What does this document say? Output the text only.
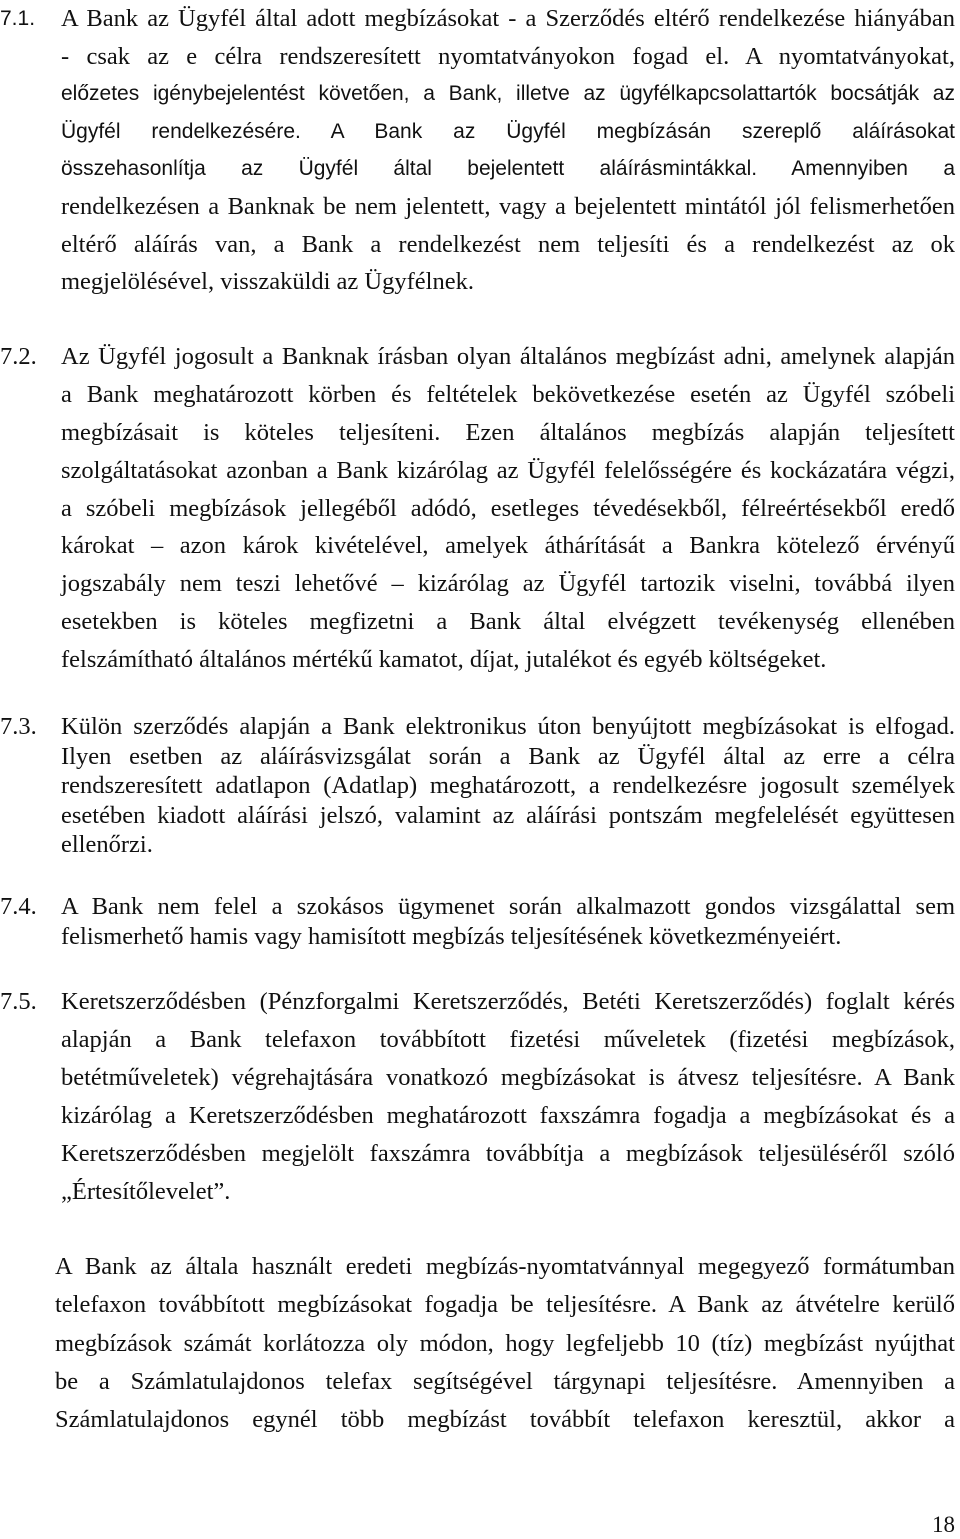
7.1. A Bank az Ügyfél által adott megbízásokat - a Szerződés eltérő rendelkezése hiányában
- csak az e célra rendszeresített nyomtatványokon fogad el. A nyomtatványokat,
előzetes igénybejelentést követően, a Bank, illetve az ügyfélkapcsolattartók bocsátják az
Ügyfél rendelkezésére. A Bank az Ügyfél megbízásán szereplő aláírásokat
összehasonlítja az Ügyfél által bejelentett aláírásmintákkal. Amennyiben a
rendelkezésen a Banknak be nem jelentett, vagy a bejelentett mintától jól felismerhetően
eltérő aláírás van, a Bank a rendelkezést nem teljesíti és a rendelkezést az ok
megjelölésével, visszaküldi az Ügyfélnek.
7.2. Az Ügyfél jogosult a Banknak írásban olyan általános megbízást adni, amelynek alapján
a Bank meghatározott körben és feltételek bekövetkezése esetén az Ügyfél szóbeli
megbízásait is köteles teljesíteni. Ezen általános megbízás alapján teljesített
szolgáltatásokat azonban a Bank kizárólag az Ügyfél felelősségére és kockázatára végzi,
a szóbeli megbízások jellegéből adódó, esetleges tévedésekből, félreértésekből eredő
károkat – azon károk kivételével, amelyek áthárítását a Bankra kötelező érvényű
jogszabály nem teszi lehetővé – kizárólag az Ügyfél tartozik viselni, továbbá ilyen
esetekben is köteles megfizetni a Bank által elvégzett tevékenység ellenében
felszámítható általános mértékű kamatot, díjat, jutalékot és egyéb költségeket.
7.3. Külön szerződés alapján a Bank elektronikus úton benyújtott megbízásokat is elfogad.
Ilyen esetben az aláírásvizsgálat során a Bank az Ügyfél által az erre a célra
rendszeresített adatlapon (Adatlap) meghatározott, a rendelkezésre jogosult személyek
esetében kiadott aláírási jelszó, valamint az aláírási pontszám megfelelését együttesen
ellenőrzi.
7.4. A Bank nem felel a szokásos ügymenet során alkalmazott gondos vizsgálattal sem
felismerhető hamis vagy hamisított megbízás teljesítésének következményeiért.
7.5. Keretszerződésben (Pénzforgalmi Keretszerződés, Betéti Keretszerződés) foglalt kérés
alapján a Bank telefaxon továbbított fizetési műveletek (fizetési megbízások,
betétműveletek) végrehajtására vonatkozó megbízásokat is átvesz teljesítésre. A Bank
kizárólag a Keretszerződésben meghatározott faxszámra fogadja a megbízásokat és a
Keretszerződésben megjelölt faxszámra továbbítja a megbízások teljesüléséről szóló
„Értesítőlevelet”.
A Bank az általa használt eredeti megbízás-nyomtatvánnyal megegyező formátumban
telefaxon továbbított megbízásokat fogadja be teljesítésre. A Bank az átvételre kerülő
megbízások számát korlátozza oly módon, hogy legfeljebb 10 (tíz) megbízást nyújthat
be a Számlatulajdonos telefax segítségével tárgynapi teljesítésre. Amennyiben a
Számlatulajdonos egynél több megbízást továbbít telefaxon keresztül, akkor a
18
